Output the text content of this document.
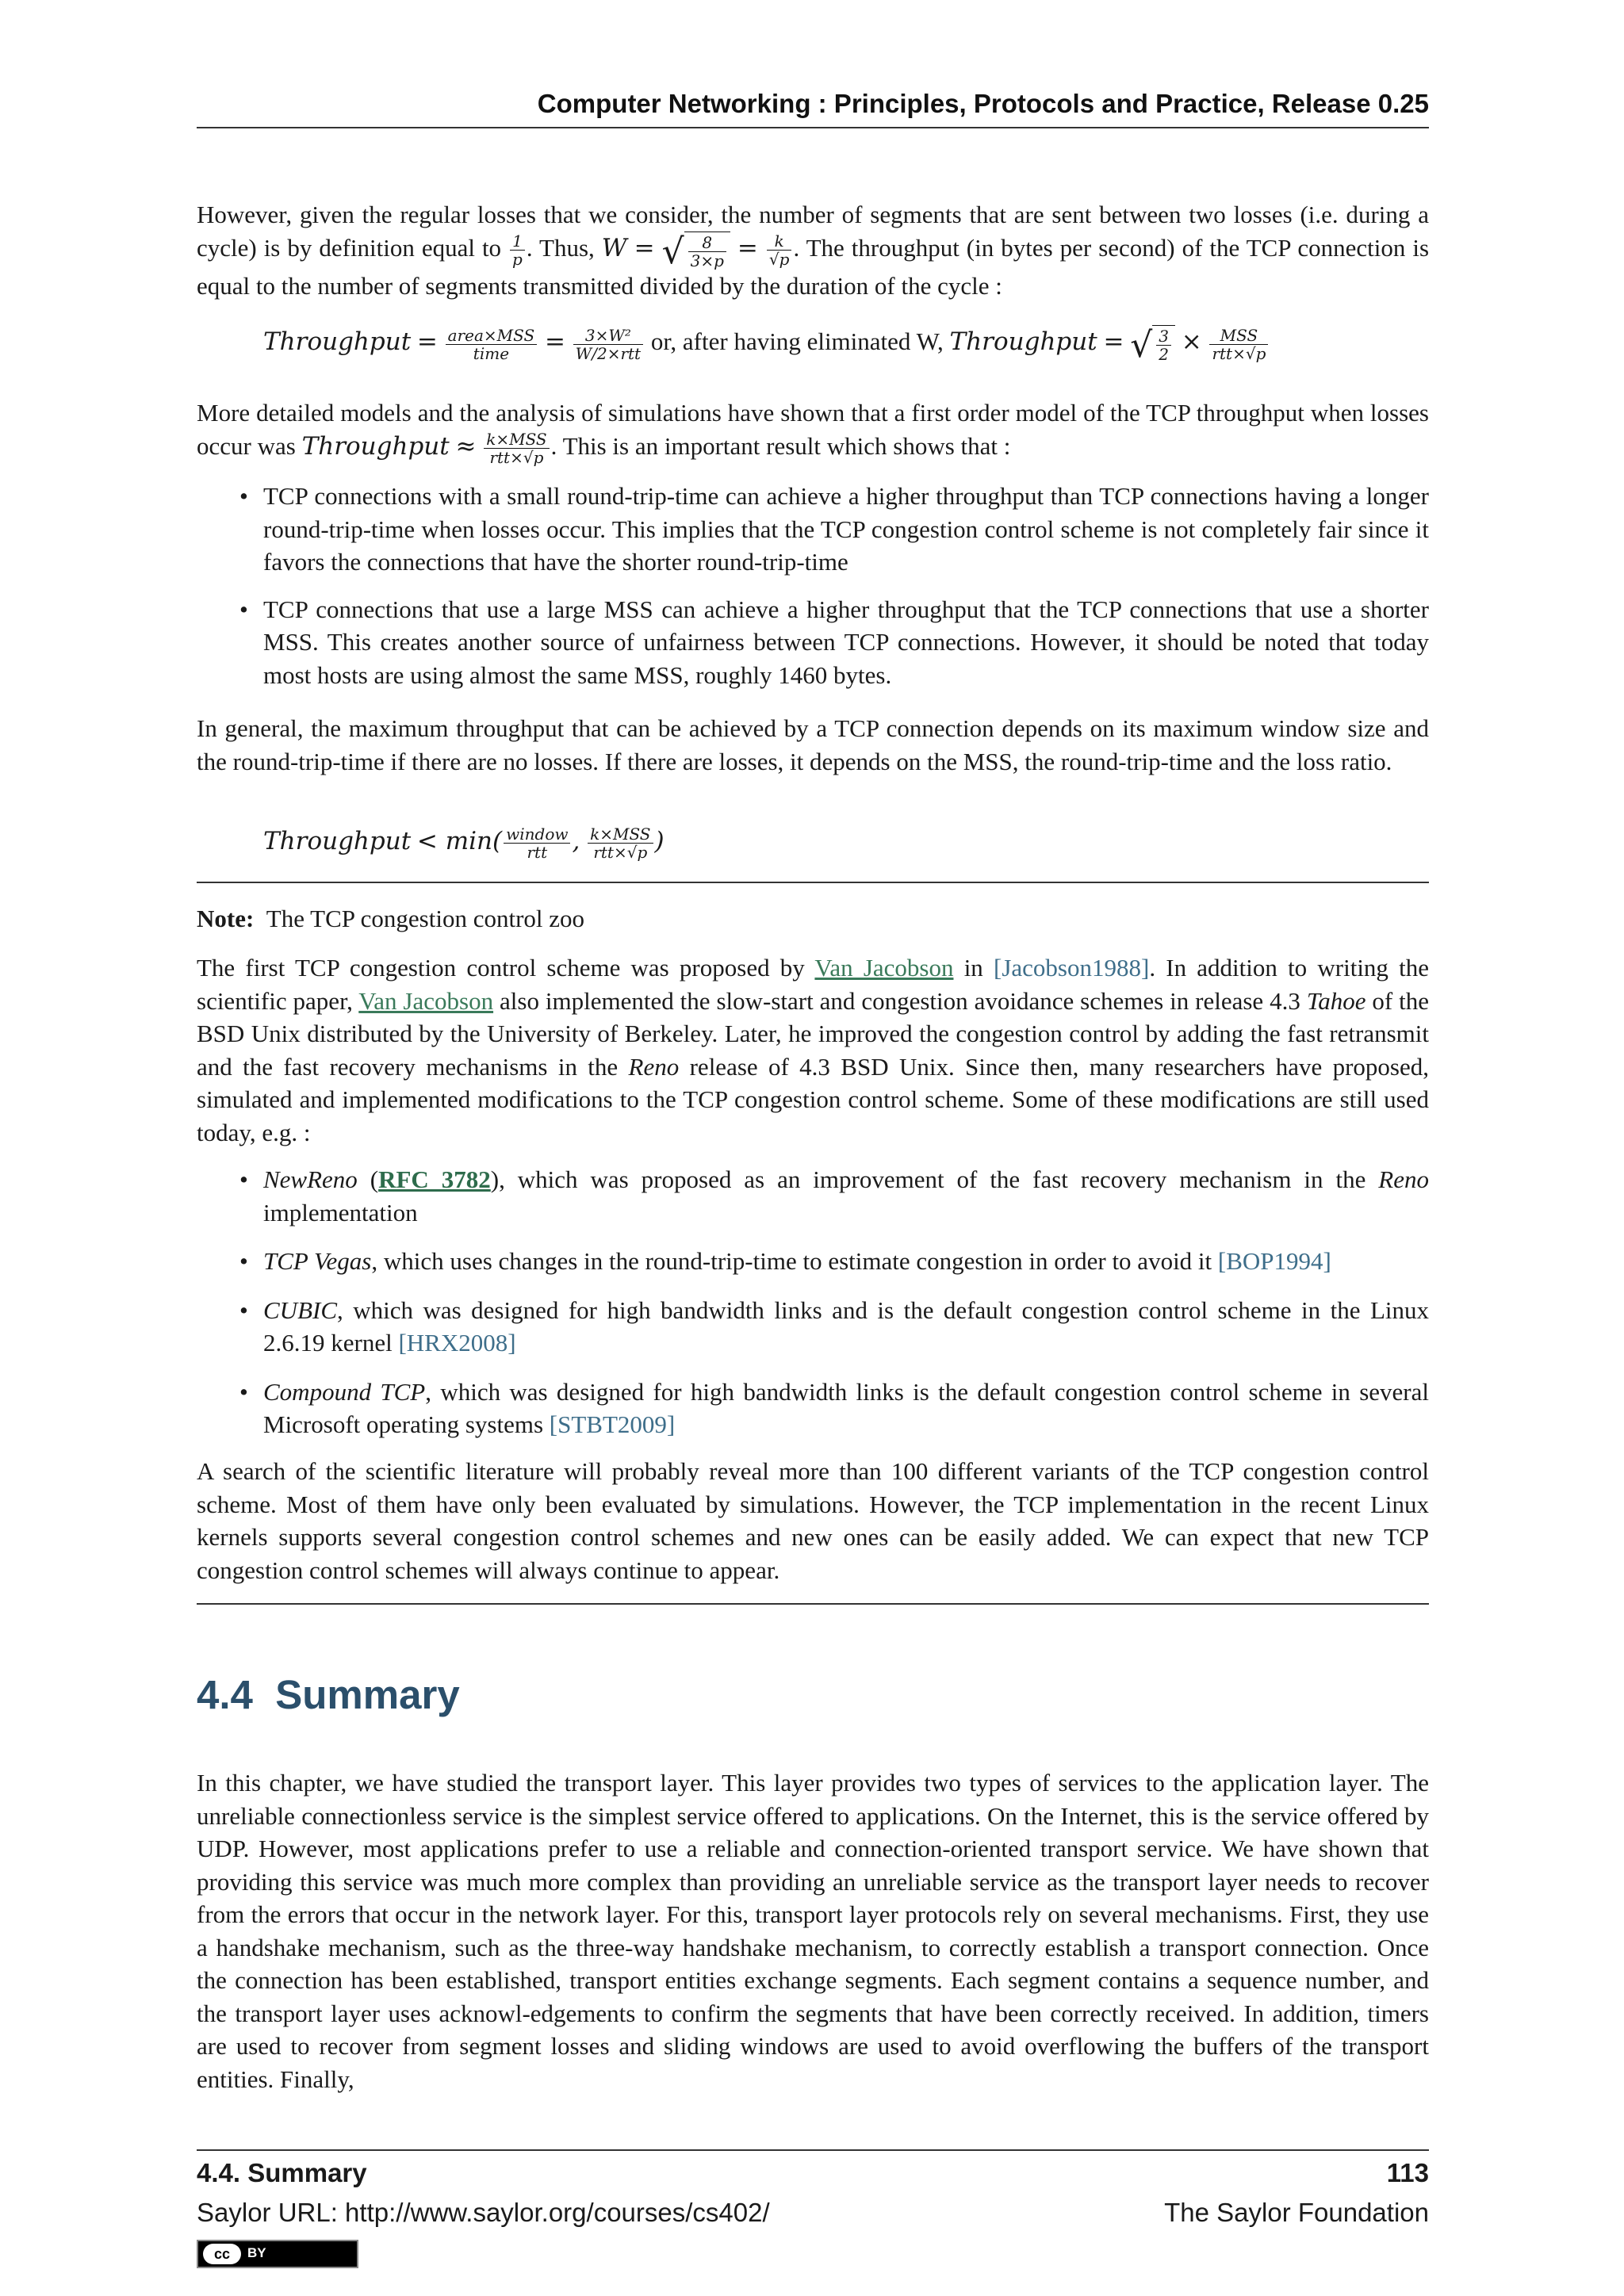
Computer Networking : Principles, Protocols and Practice, Release 0.25

However, given the regular losses that we consider, the number of segments that are sent between two losses (i.e. during a cycle) is by definition equal to $\frac{1}{p}$ . Thus, W = √ $\frac{8}{3\times p} = \frac{k}{√p}$ . The throughput (in bytes per second) of the TCP connection is equal to the number of segments transmitted divided by the duration of the cycle :

Throughput = $\frac{\text{area×MSS}}{\text{time}} = \frac{\text{3×W²}}{\text{W/2×rtt}}$ or, after having eliminated W, Throughput = √ $\frac{3}{2} \times \frac{\text{MSS}}{\text{rtt×√p}}$

More detailed models and the analysis of simulations have shown that a first order model of the TCP throughput when losses occur was Throughput ≈ $\frac{\text{k×MSS}}{\text{rtt×√p}}$ . This is an important result which shows that :

• TCP connections with a small round-trip-time can achieve a higher throughput than TCP connections having a longer round-trip-time when losses occur. This implies that the TCP congestion control scheme is not completely fair since it favors the connections that have the shorter round-trip-time
• TCP connections that use a large MSS can achieve a higher throughput that the TCP connections that use a shorter MSS. This creates another source of unfairness between TCP connections. However, it should be noted that today most hosts are using almost the same MSS, roughly 1460 bytes.

In general, the maximum throughput that can be achieved by a TCP connection depends on its maximum window size and the round-trip-time if there are no losses. If there are losses, it depends on the MSS, the round-trip-time and the loss ratio.

Throughput < $\min( \frac{\text{window}}{\text{rtt}}$ , $\frac{\text{k×MSS}}{\text{rtt×√p}}$ )

Note: The TCP congestion control zoo

The first TCP congestion control scheme was proposed by Van Jacobson in [Jacobson1988]. In addition to writing the scientific paper, Van Jacobson also implemented the slow-start and congestion avoidance schemes in release 4.3 Tahoe of the BSD Unix distributed by the University of Berkeley. Later, he improved the congestion control by adding the fast retransmit and the fast recovery mechanisms in the Reno release of 4.3 BSD Unix. Since then, many researchers have proposed, simulated and implemented modifications to the TCP congestion control scheme. Some of these modifications are still used today, e.g. :

• NewReno (RFC 3782), which was proposed as an improvement of the fast recovery mechanism in the Reno implementation
• TCP Vegas, which uses changes in the round-trip-time to estimate congestion in order to avoid it [BOP1994]
• CUBIC, which was designed for high bandwidth links and is the default congestion control scheme in the Linux 2.6.19 kernel [HRX2008]
• Compound TCP, which was designed for high bandwidth links is the default congestion control scheme in several Microsoft operating systems [STBT2009]

A search of the scientific literature will probably reveal more than 100 different variants of the TCP congestion control scheme. Most of them have only been evaluated by simulations. However, the TCP implementation in the recent Linux kernels supports several congestion control schemes and new ones can be easily added. We can expect that new TCP congestion control schemes will always continue to appear.

4.4 Summary

In this chapter, we have studied the transport layer. This layer provides two types of services to the application layer. The unreliable connectionless service is the simplest service offered to applications. On the Internet, this is the service offered by UDP. However, most applications prefer to use a reliable and connection-oriented transport service. We have shown that providing this service was much more complex than providing an unreliable service as the transport layer needs to recover from the errors that occur in the network layer. For this, transport layer protocols rely on several mechanisms. First, they use a handshake mechanism, such as the three-way handshake mechanism, to correctly establish a transport connection. Once the connection has been established, transport entities exchange segments. Each segment contains a sequence number, and the transport layer uses acknowl-edgements to confirm the segments that have been correctly received. In addition, timers are used to recover from segment losses and sliding windows are used to avoid overflowing the buffers of the transport entities. Finally,

4.4. Summary	113
Saylor URL: http://www.saylor.org/courses/cs402/	The Saylor Foundation
cc	BY
